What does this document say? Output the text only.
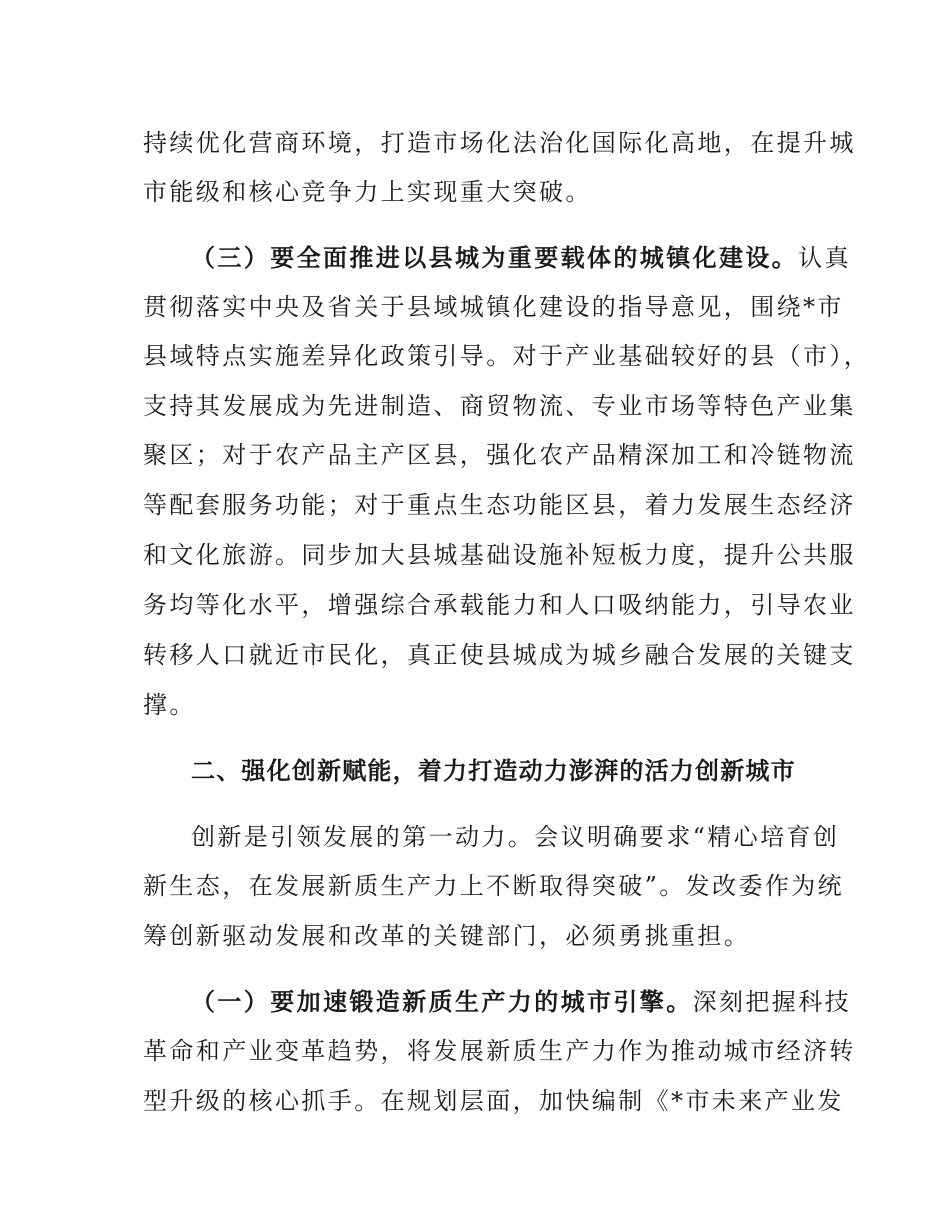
持续优化营商环境，打造市场化法治化国际化高地，在提升城
市能级和核心竞争力上实现重大突破。
（三）要全面推进以县城为重要载体的城镇化建设。认真
贯彻落实中央及省关于县域城镇化建设的指导意见，围绕*市
县域特点实施差异化政策引导。对于产业基础较好的县（市），
支持其发展成为先进制造、商贸物流、专业市场等特色产业集
聚区；对于农产品主产区县，强化农产品精深加工和冷链物流
等配套服务功能；对于重点生态功能区县，着力发展生态经济
和文化旅游。同步加大县城基础设施补短板力度，提升公共服
务均等化水平，增强综合承载能力和人口吸纳能力，引导农业
转移人口就近市民化，真正使县城成为城乡融合发展的关键支
撑。
二、强化创新赋能，着力打造动力澎湃的活力创新城市
创新是引领发展的第一动力。会议明确要求“精心培育创
新生态，在发展新质生产力上不断取得突破”。发改委作为统
筹创新驱动发展和改革的关键部门，必须勇挑重担。
（一）要加速锻造新质生产力的城市引擎。深刻把握科技
革命和产业变革趋势，将发展新质生产力作为推动城市经济转
型升级的核心抓手。在规划层面，加快编制《*市未来产业发
